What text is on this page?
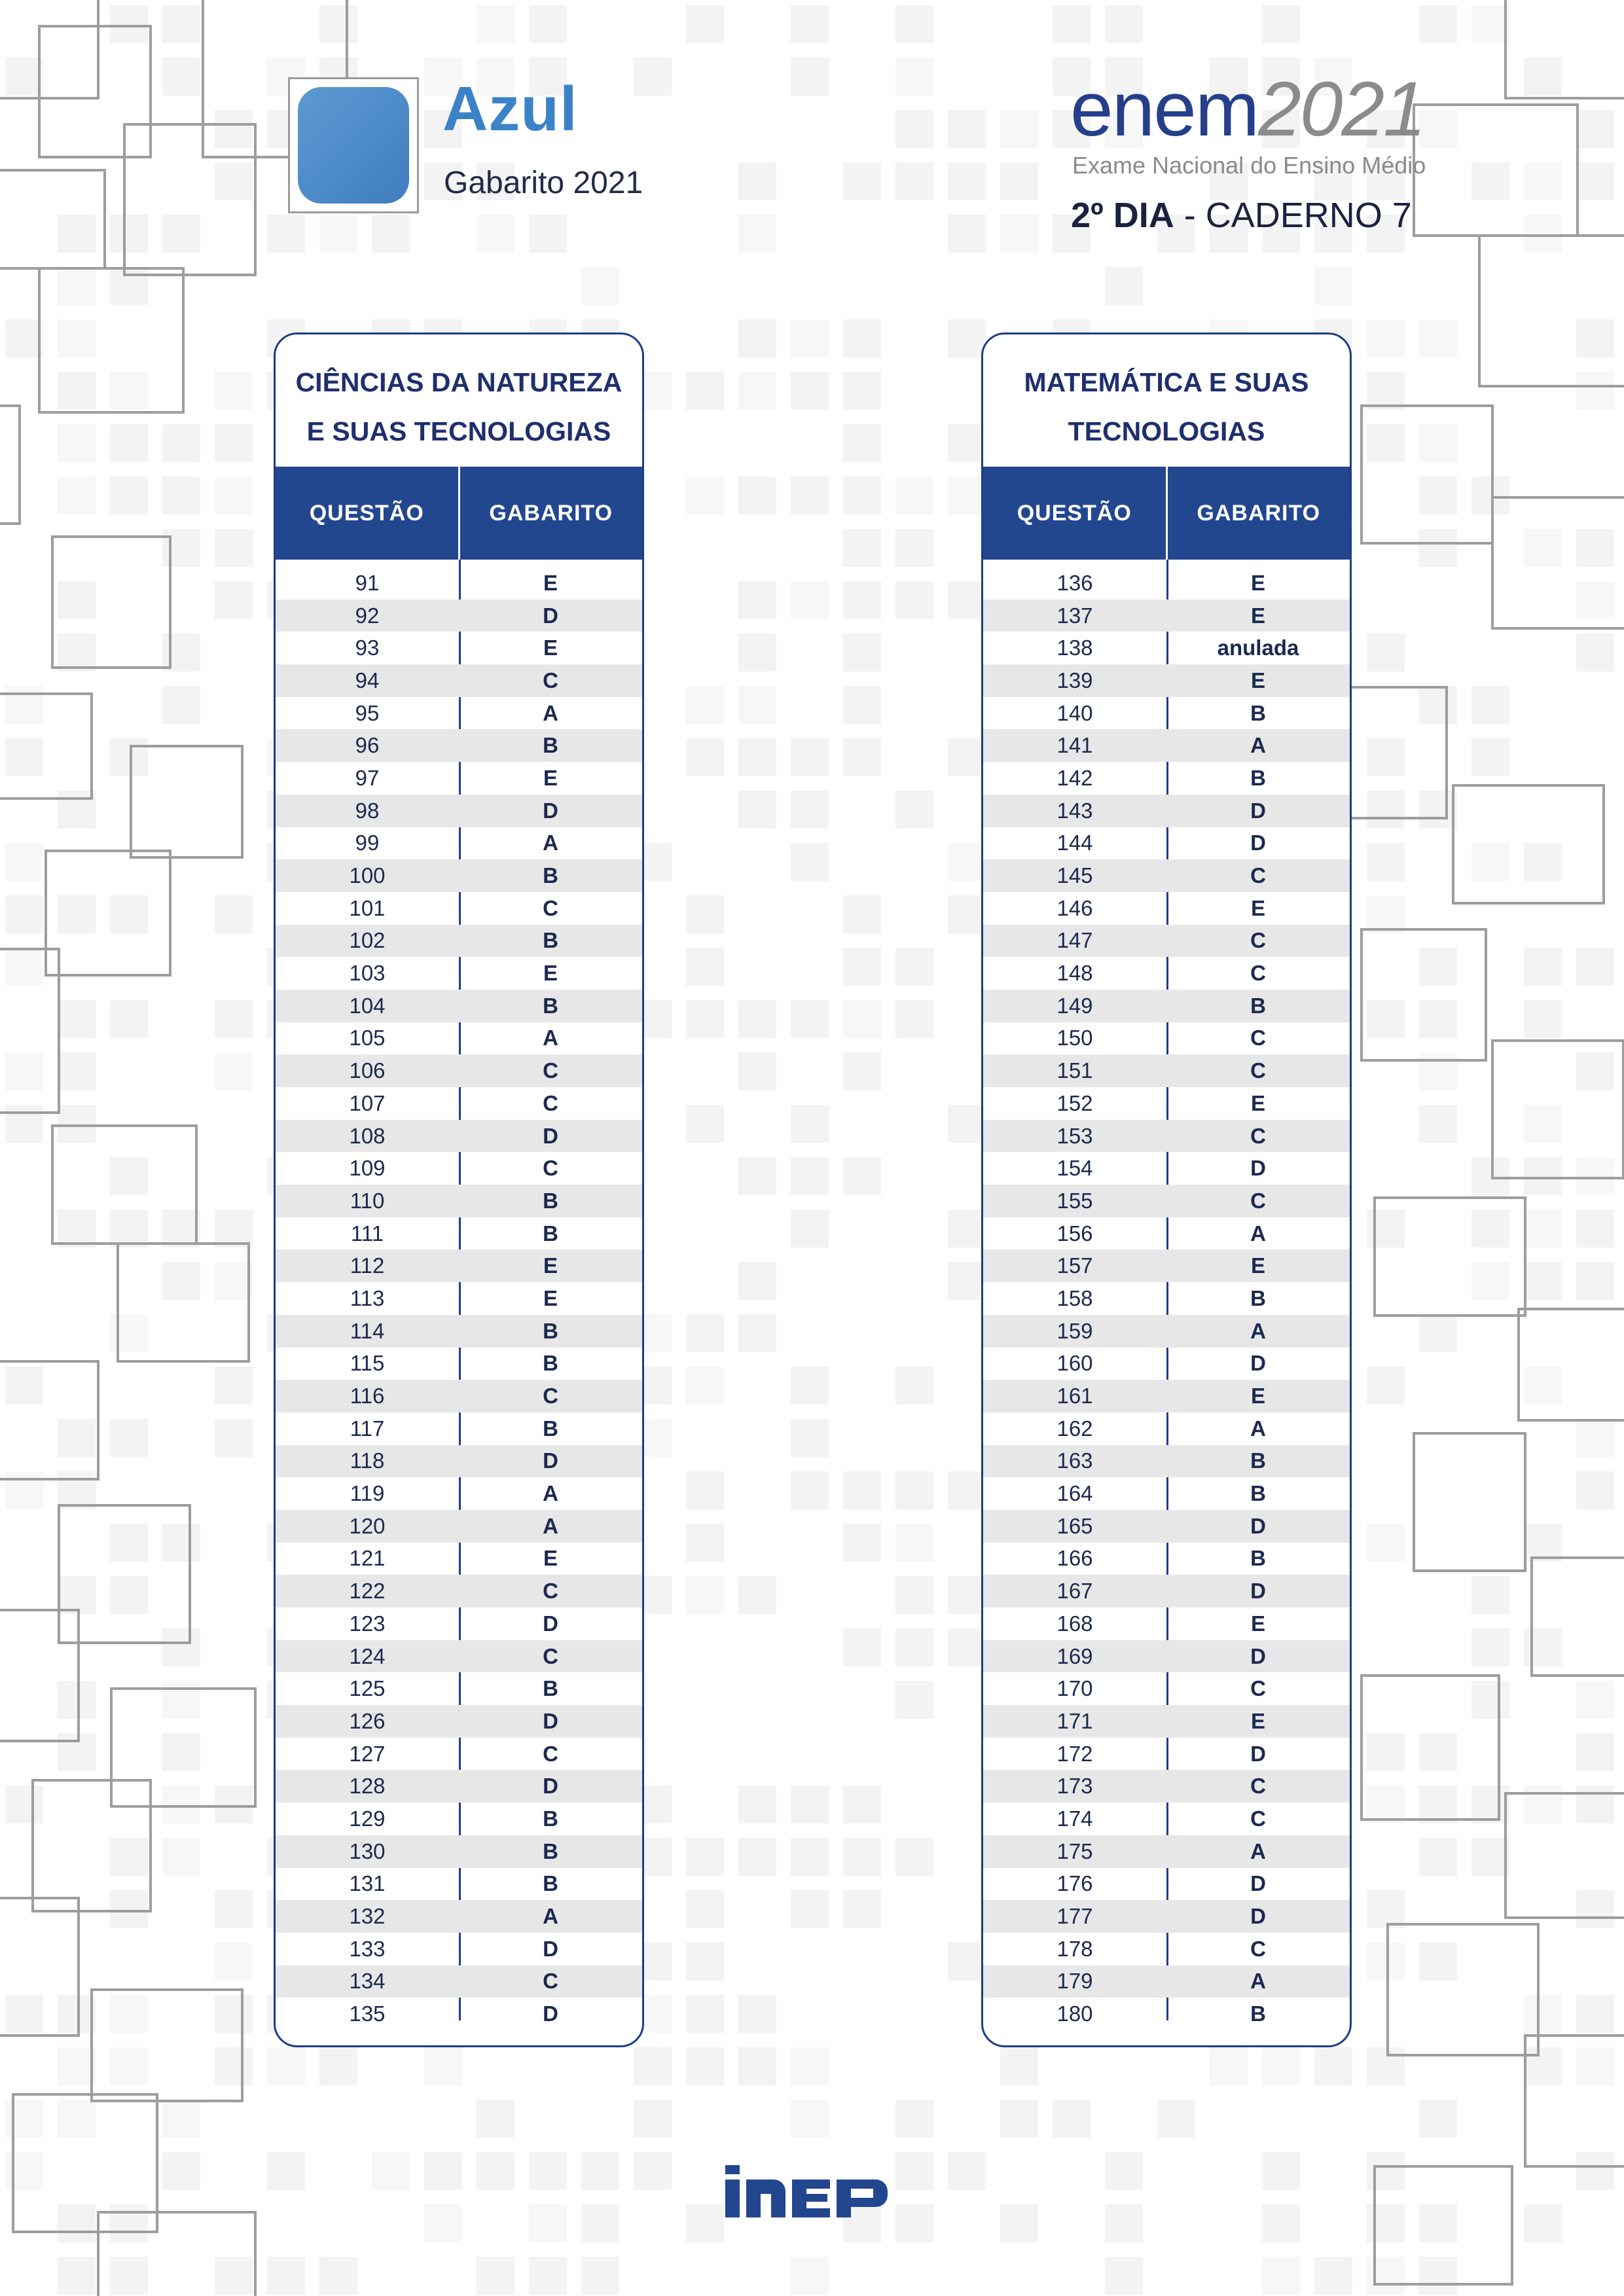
Azul
Gabarito 2021
enem2021
Exame Nacional do Ensino Médio
2º DIA - CADERNO 7
CIÊNCIAS DA NATUREZA
E SUAS TECNOLOGIAS
QUESTÃO	GABARITO
91	E
92	D
93	E
94	C
95	A
96	B
97	E
98	D
99	A
100	B
101	C
102	B
103	E
104	B
105	A
106	C
107	C
108	D
109	C
110	B
111	B
112	E
113	E
114	B
115	B
116	C
117	B
118	D
119	A
120	A
121	E
122	C
123	D
124	C
125	B
126	D
127	C
128	D
129	B
130	B
131	B
132	A
133	D
134	C
135	D
MATEMÁTICA E SUAS
TECNOLOGIAS
QUESTÃO	GABARITO
136	E
137	E
138	anulada
139	E
140	B
141	A
142	B
143	D
144	D
145	C
146	E
147	C
148	C
149	B
150	C
151	C
152	E
153	C
154	D
155	C
156	A
157	E
158	B
159	A
160	D
161	E
162	A
163	B
164	B
165	D
166	B
167	D
168	E
169	D
170	C
171	E
172	D
173	C
174	C
175	A
176	D
177	D
178	C
179	A
180	B
